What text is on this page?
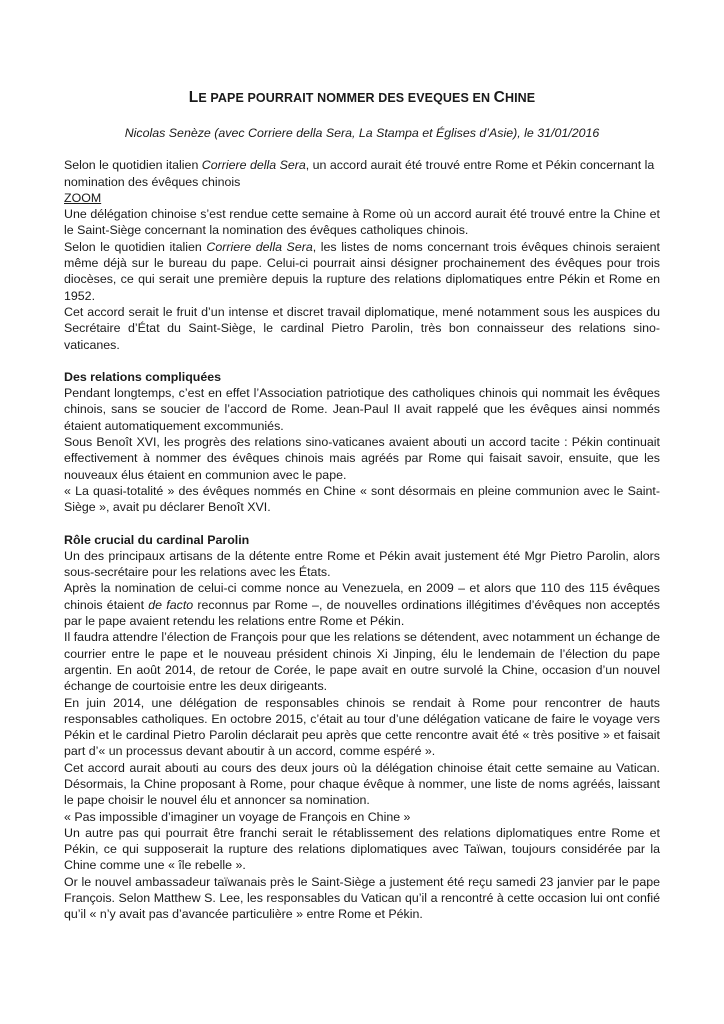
LE PAPE POURRAIT NOMMER DES EVEQUES EN CHINE
Nicolas Senèze (avec Corriere della Sera, La Stampa et Églises d’Asie), le 31/01/2016

Selon le quotidien italien Corriere della Sera, un accord aurait été trouvé entre Rome et Pékin concernant la nomination des évêques chinois

ZOOM

Une délégation chinoise s’est rendue cette semaine à Rome où un accord aurait été trouvé entre la Chine et le Saint-Siège concernant la nomination des évêques catholiques chinois.

Selon le quotidien italien Corriere della Sera, les listes de noms concernant trois évêques chinois seraient même déjà sur le bureau du pape. Celui-ci pourrait ainsi désigner prochainement des évêques pour trois diocèses, ce qui serait une première depuis la rupture des relations diplomatiques entre Pékin et Rome en 1952.

Cet accord serait le fruit d’un intense et discret travail diplomatique, mené notamment sous les auspices du Secrétaire d’État du Saint-Siège, le cardinal Pietro Parolin, très bon connaisseur des relations sino-vaticanes.

Des relations compliquées

Pendant longtemps, c’est en effet l’Association patriotique des catholiques chinois qui nommait les évêques chinois, sans se soucier de l’accord de Rome. Jean-Paul II avait rappelé que les évêques ainsi nommés étaient automatiquement excommuniés.

Sous Benoît XVI, les progrès des relations sino-vaticanes avaient abouti un accord tacite : Pékin continuait effectivement à nommer des évêques chinois mais agréés par Rome qui faisait savoir, ensuite, que les nouveaux élus étaient en communion avec le pape.

« La quasi-totalité » des évêques nommés en Chine « sont désormais en pleine communion avec le Saint-Siège », avait pu déclarer Benoît XVI.

Rôle crucial du cardinal Parolin

Un des principaux artisans de la détente entre Rome et Pékin avait justement été Mgr Pietro Parolin, alors sous-secrétaire pour les relations avec les États.

Après la nomination de celui-ci comme nonce au Venezuela, en 2009 – et alors que 110 des 115 évêques chinois étaient de facto reconnus par Rome –, de nouvelles ordinations illégitimes d’évêques non acceptés par le pape avaient retendu les relations entre Rome et Pékin.

Il faudra attendre l’élection de François pour que les relations se détendent, avec notamment un échange de courrier entre le pape et le nouveau président chinois Xi Jinping, élu le lendemain de l’élection du pape argentin. En août 2014, de retour de Corée, le pape avait en outre survolé la Chine, occasion d’un nouvel échange de courtoisie entre les deux dirigeants.

En juin 2014, une délégation de responsables chinois se rendait à Rome pour rencontrer de hauts responsables catholiques. En octobre 2015, c’était au tour d’une délégation vaticane de faire le voyage vers Pékin et le cardinal Pietro Parolin déclarait peu après que cette rencontre avait été « très positive » et faisait part d’« un processus devant aboutir à un accord, comme espéré ».

Cet accord aurait abouti au cours des deux jours où la délégation chinoise était cette semaine au Vatican. Désormais, la Chine proposant à Rome, pour chaque évêque à nommer, une liste de noms agréés, laissant le pape choisir le nouvel élu et annoncer sa nomination.

« Pas impossible d’imaginer un voyage de François en Chine »

Un autre pas qui pourrait être franchi serait le rétablissement des relations diplomatiques entre Rome et Pékin, ce qui supposerait la rupture des relations diplomatiques avec Taïwan, toujours considérée par la Chine comme une « île rebelle ».

Or le nouvel ambassadeur taïwanais près le Saint-Siège a justement été reçu samedi 23 janvier par le pape François. Selon Matthew S. Lee, les responsables du Vatican qu’il a rencontré à cette occasion lui ont confié qu’il « n’y avait pas d’avancée particulière » entre Rome et Pékin.
